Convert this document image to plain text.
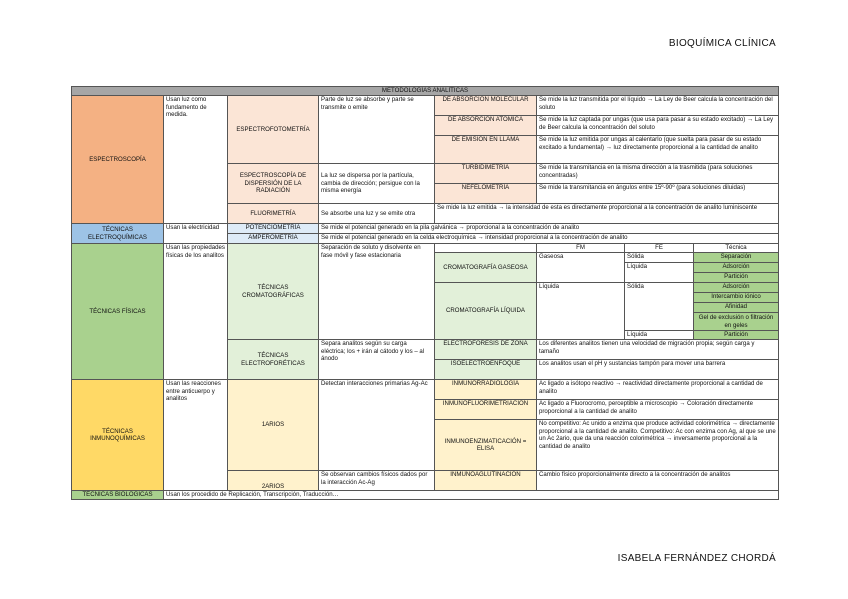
BIOQUÍMICA CLÍNICA
METODOLOGÍAS ANALÍTICAS							
ESPECTROSCOPÍA	Usan luz como fundamento de medida.	ESPECTROFOTOMETRÍA	Parte de luz se absorbe y parte se transmite o emite	DE ABSORCIÓN MOLECULAR	Se mide la luz transmitida por el líquido → La Ley de Beer calcula la concentración del soluto		
				DE ABSORCIÓN ATÓMICA	Se mide la luz captada por ungas (que usa para pasar a su estado excitado) → La Ley de Beer calcula la concentración del soluto		
				DE EMISIÓN EN LLAMA	Se mide la luz emitida por ungas al calentarlo (que suelta para pasar de su estado excitado a fundamental) → luz directamente proporcional a la cantidad de analito		
		ESPECTROSCOPÍA DE DISPERSIÓN DE LA RADIACIÓN	La luz se dispersa por la partícula, cambia de dirección; persigue con la misma energía	TURBIDIMETRÍA	Se mide la transmitancia en la misma dirección a la trasmitida (para soluciones concentradas)		
				NEFELOMETRÍA	Se mide la transmitancia en ángulos entre 15º-90º (para soluciones diluidas)		
		FLUORIMETRÍA	Se absorbe una luz y se emite otra	Se mide la luz emitida → la intensidad de esta es directamente proporcional a la concentración de analito luminiscente			

TÉCNICAS ELECTROQUÍMICAS	Usan la electricidad	POTENCIOMETRÍA	Se mide el potencial generado en la pila galvánica → proporcional a la concentración de analito				
		AMPEROMETRÍA	Se mide el potencial generado en la celda electroquímica → intensidad proporcional a la concentración de analito				
TÉCNICAS FÍSICAS	Usan las propiedades físicas de los analitos	TÉCNICAS CROMATOGRÁFICAS	Separación de soluto y disolvente en fase móvil y fase estacionaria		FM	FE	Técnica
				CROMATOGRAFÍA GASEOSA	Gaseosa	Sólida	Separación
						Líquida	Adsorción
							Partición
				CROMATOGRAFÍA LÍQUIDA	Líquida	Sólida	Adsorción
							Intercambio iónico
							Afinidad
							Gel de exclusión o filtración en geles

						Líquida	Partición
		TÉCNICAS ELECTROFORÉTICAS	Separa analitos según su carga eléctrica; los + irán al cátodo y los – al ánodo	ELECTROFORESIS DE ZONA	Los diferentes analitos tienen una velocidad de migración propia; según carga y tamaño		
				ISOELECTROENFOQUE	Los analitos usan el pH y sustancias tampón para mover una barrera		
TÉCNICAS INMUNOQUÍMICAS	Usan las reacciones entre anticuerpo y analitos	1ARIOS	Detectan interacciones primarias Ag-Ac	INMUNORRADIOLOGÍA	Ac ligado a isótopo reactivo → reactividad directamente proporcional a cantidad de analito		
				INMUNOFLUORIMETRIACIÓN	Ac ligado a Fluorocromo, perceptible a microscopio → Coloración directamente proporcional a la cantidad de analito		
				INMUNOENZIMATICACIÓN = ELISA	No competitivo: Ac unido a enzima que produce actividad colorimétrica → directamente proporcional a la cantidad de analito. Competitivo: Ac con enzima con Ag, al que se une un Ac 2ario, que da una reacción colorimétrica → inversamente proporcional a la cantidad de analito		
		2ARIOS	Se observan cambios físicos dados por la interacción Ac-Ag	INMUNOAGLUTINACIÓN	Cambio físico proporcionalmente directo a la concentración de analitos		
TÉCNICAS BIOLÓGICAS	Usan los procedido de Replicación, Transcripción, Traducción…						
ISABELA FERNÁNDEZ CHORDÁ
